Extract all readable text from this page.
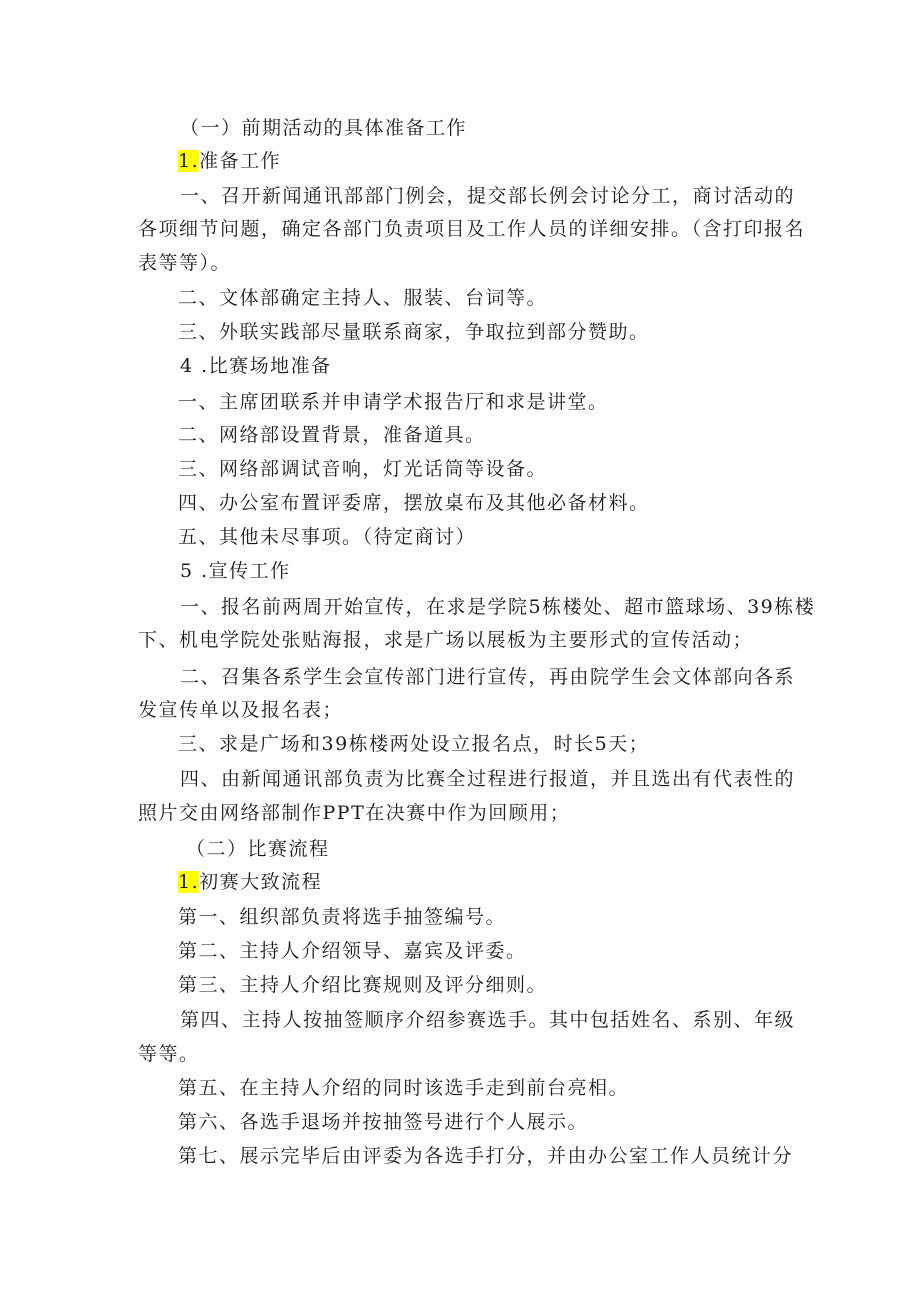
（一）前期活动的具体准备工作
1.准备工作
一、召开新闻通讯部部门例会，提交部长例会讨论分工，商讨活动的
各项细节问题，确定各部门负责项目及工作人员的详细安排。（含打印报名
表等等）。
二、文体部确定主持人、服装、台词等。
三、外联实践部尽量联系商家，争取拉到部分赞助。
4 .比赛场地准备
一、主席团联系并申请学术报告厅和求是讲堂。
二、网络部设置背景，准备道具。
三、网络部调试音响，灯光话筒等设备。
四、办公室布置评委席，摆放桌布及其他必备材料。
五、其他未尽事项。（待定商讨）
5 .宣传工作
一、报名前两周开始宣传，在求是学院5栋楼处、超市篮球场、39栋楼
下、机电学院处张贴海报，求是广场以展板为主要形式的宣传活动；
二、召集各系学生会宣传部门进行宣传，再由院学生会文体部向各系
发宣传单以及报名表；
三、求是广场和39栋楼两处设立报名点，时长5天；
四、由新闻通讯部负责为比赛全过程进行报道，并且选出有代表性的
照片交由网络部制作PPT在决赛中作为回顾用；
（二）比赛流程
1.初赛大致流程
第一、组织部负责将选手抽签编号。
第二、主持人介绍领导、嘉宾及评委。
第三、主持人介绍比赛规则及评分细则。
第四、主持人按抽签顺序介绍参赛选手。其中包括姓名、系别、年级
等等。
第五、在主持人介绍的同时该选手走到前台亮相。
第六、各选手退场并按抽签号进行个人展示。
第七、展示完毕后由评委为各选手打分，并由办公室工作人员统计分
